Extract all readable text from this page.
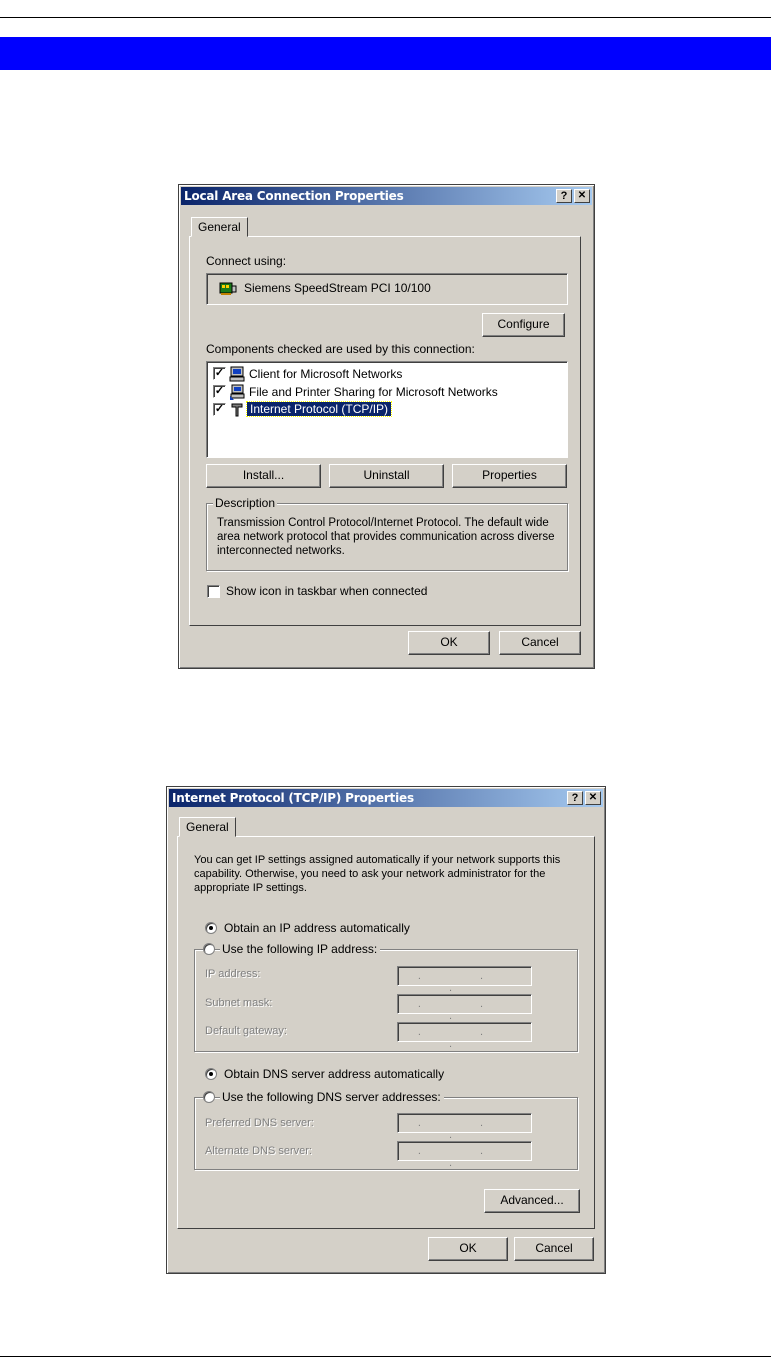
Local Area Connection Properties	?	✕
General
Connect using:
Siemens SpeedStream PCI 10/100
Configure
Components checked are used by this connection:
✓ Client for Microsoft Networks
✓ File and Printer Sharing for Microsoft Networks
✓ Internet Protocol (TCP/IP)
Install...	Uninstall	Properties
Description
Transmission Control Protocol/Internet Protocol. The default wide area network protocol that provides communication across diverse interconnected networks.
Show icon in taskbar when connected
OK	Cancel
Internet Protocol (TCP/IP) Properties	?	✕
General
You can get IP settings assigned automatically if your network supports this capability. Otherwise, you need to ask your network administrator for the appropriate IP settings.
Obtain an IP address automatically
Use the following IP address:
IP address:	. . .
Subnet mask:	. . .
Default gateway:	. . .
Obtain DNS server address automatically
Use the following DNS server addresses:
Preferred DNS server:	. . .
Alternate DNS server:	. . .
Advanced...
OK	Cancel
